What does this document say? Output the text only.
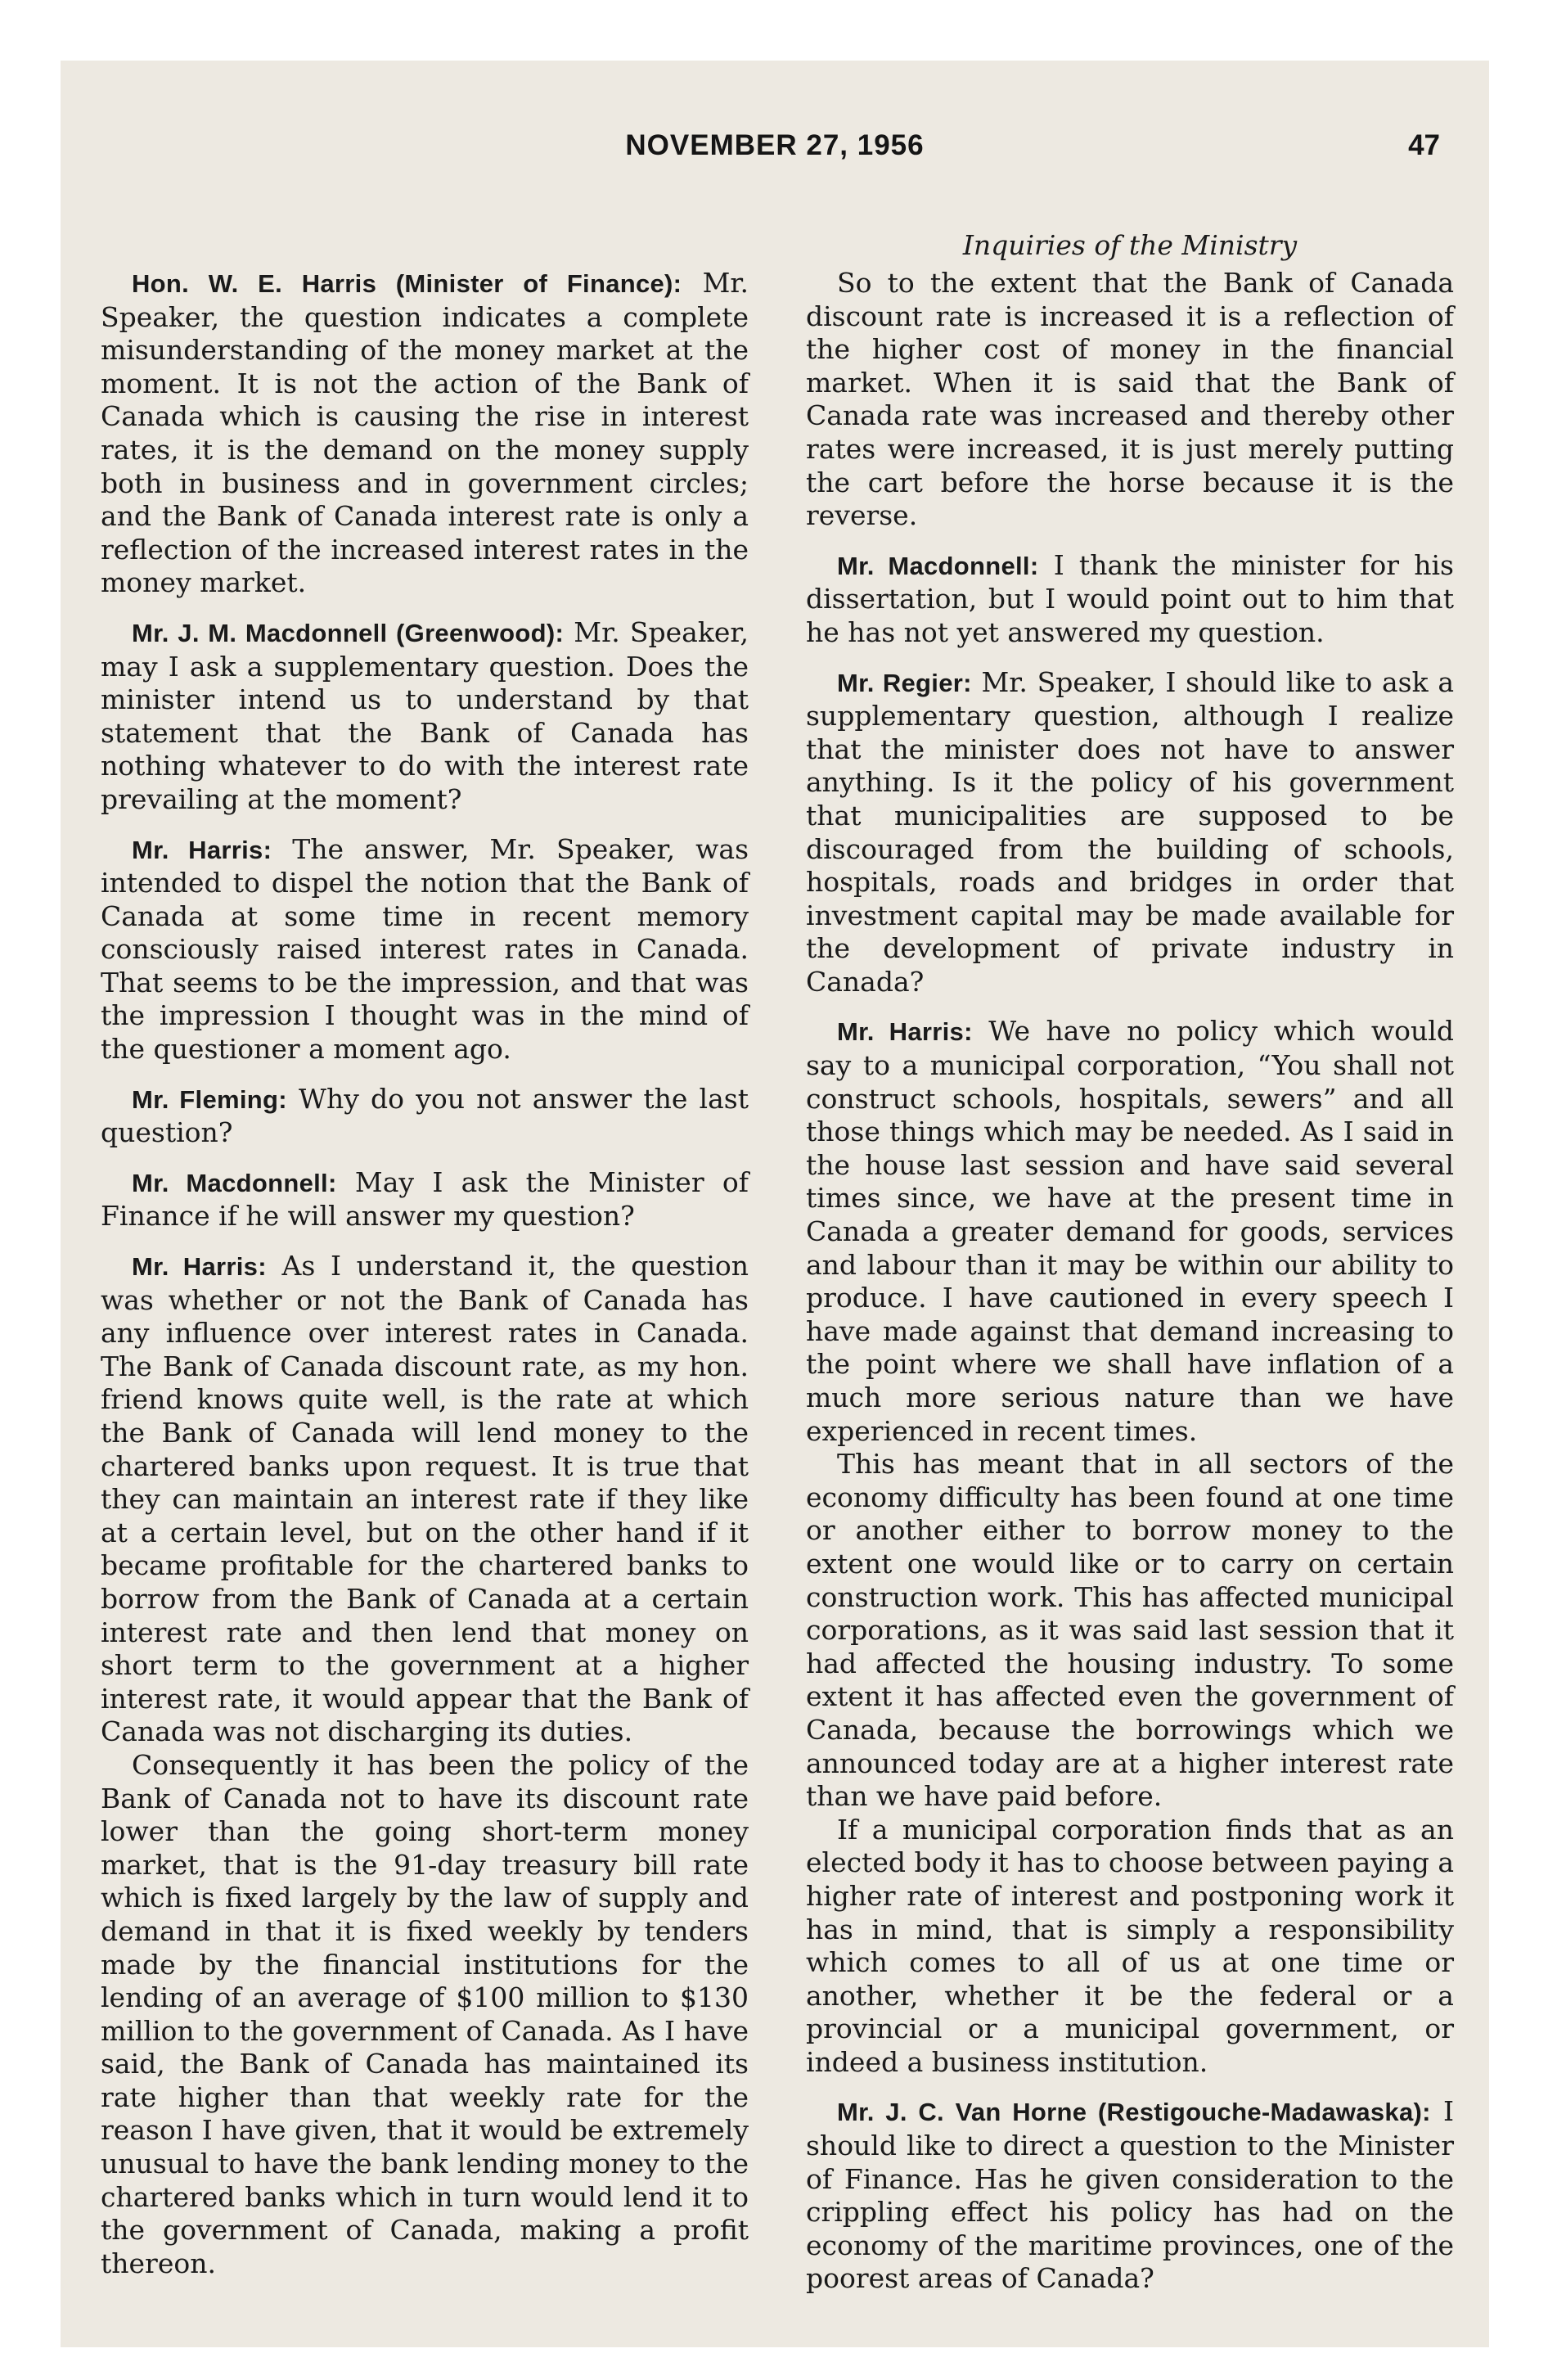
NOVEMBER 27, 1956	47

Hon. W. E. Harris (Minister of Finance): Mr. Speaker, the question indicates a complete misunderstanding of the money market at the moment. It is not the action of the Bank of Canada which is causing the rise in interest rates, it is the demand on the money supply both in business and in government circles; and the Bank of Canada interest rate is only a reflection of the increased interest rates in the money market.

Mr. J. M. Macdonnell (Greenwood): Mr. Speaker, may I ask a supplementary question. Does the minister intend us to understand by that statement that the Bank of Canada has nothing whatever to do with the interest rate prevailing at the moment?

Mr. Harris: The answer, Mr. Speaker, was intended to dispel the notion that the Bank of Canada at some time in recent memory consciously raised interest rates in Canada. That seems to be the impression, and that was the impression I thought was in the mind of the questioner a moment ago.

Mr. Fleming: Why do you not answer the last question?

Mr. Macdonnell: May I ask the Minister of Finance if he will answer my question?

Mr. Harris: As I understand it, the question was whether or not the Bank of Canada has any influence over interest rates in Canada. The Bank of Canada discount rate, as my hon. friend knows quite well, is the rate at which the Bank of Canada will lend money to the chartered banks upon request. It is true that they can maintain an interest rate if they like at a certain level, but on the other hand if it became profitable for the chartered banks to borrow from the Bank of Canada at a certain interest rate and then lend that money on short term to the government at a higher interest rate, it would appear that the Bank of Canada was not discharging its duties.

Consequently it has been the policy of the Bank of Canada not to have its discount rate lower than the going short-term money market, that is the 91-day treasury bill rate which is fixed largely by the law of supply and demand in that it is fixed weekly by tenders made by the financial institutions for the lending of an average of $100 million to $130 million to the government of Canada. As I have said, the Bank of Canada has maintained its rate higher than that weekly rate for the reason I have given, that it would be extremely unusual to have the bank lending money to the chartered banks which in turn would lend it to the government of Canada, making a profit thereon.

Inquiries of the Ministry

So to the extent that the Bank of Canada discount rate is increased it is a reflection of the higher cost of money in the financial market. When it is said that the Bank of Canada rate was increased and thereby other rates were increased, it is just merely putting the cart before the horse because it is the reverse.

Mr. Macdonnell: I thank the minister for his dissertation, but I would point out to him that he has not yet answered my question.

Mr. Regier: Mr. Speaker, I should like to ask a supplementary question, although I realize that the minister does not have to answer anything. Is it the policy of his government that municipalities are supposed to be discouraged from the building of schools, hospitals, roads and bridges in order that investment capital may be made available for the development of private industry in Canada?

Mr. Harris: We have no policy which would say to a municipal corporation, “You shall not construct schools, hospitals, sewers” and all those things which may be needed. As I said in the house last session and have said several times since, we have at the present time in Canada a greater demand for goods, services and labour than it may be within our ability to produce. I have cautioned in every speech I have made against that demand increasing to the point where we shall have inflation of a much more serious nature than we have experienced in recent times.

This has meant that in all sectors of the economy difficulty has been found at one time or another either to borrow money to the extent one would like or to carry on certain construction work. This has affected municipal corporations, as it was said last session that it had affected the housing industry. To some extent it has affected even the government of Canada, because the borrowings which we announced today are at a higher interest rate than we have paid before.

If a municipal corporation finds that as an elected body it has to choose between paying a higher rate of interest and postponing work it has in mind, that is simply a responsibility which comes to all of us at one time or another, whether it be the federal or a provincial or a municipal government, or indeed a business institution.

Mr. J. C. Van Horne (Restigouche-Madawaska): I should like to direct a question to the Minister of Finance. Has he given consideration to the crippling effect his policy has had on the economy of the maritime provinces, one of the poorest areas of Canada?
